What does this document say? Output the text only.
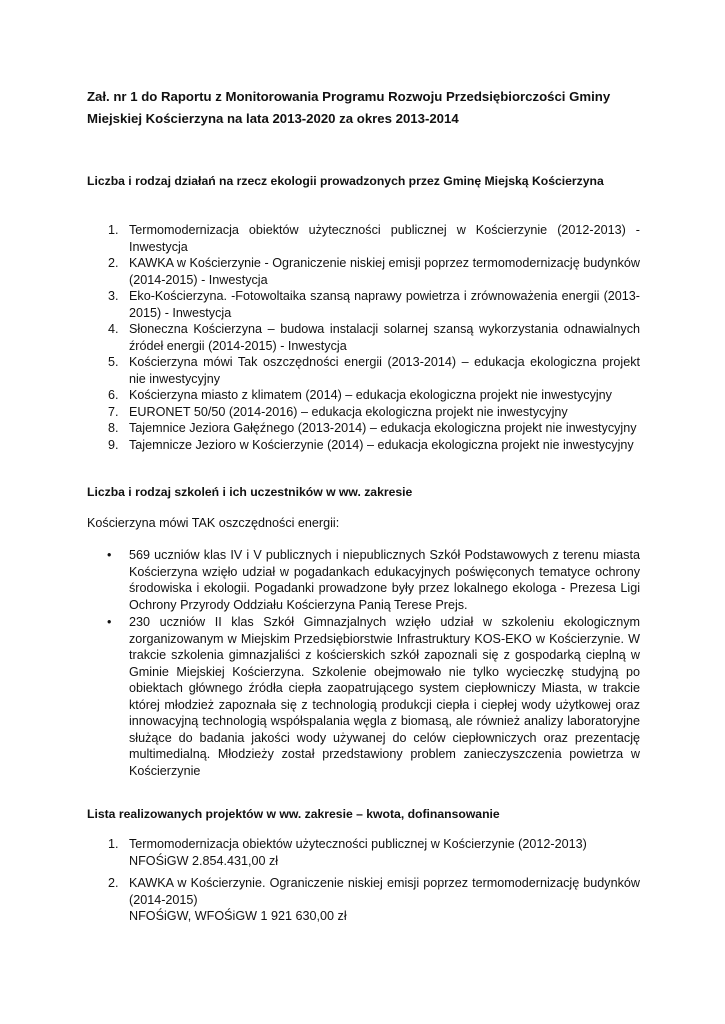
Zał. nr 1 do Raportu z Monitorowania Programu Rozwoju Przedsiębiorczości Gminy Miejskiej Kościerzyna na lata 2013-2020 za okres 2013-2014
Liczba i rodzaj działań na rzecz ekologii prowadzonych przez Gminę Miejską Kościerzyna
1. Termomodernizacja obiektów użyteczności publicznej w Kościerzynie (2012-2013) - Inwestycja
2. KAWKA w Kościerzynie - Ograniczenie niskiej emisji poprzez termomodernizację budynków (2014-2015) - Inwestycja
3. Eko-Kościerzyna. -Fotowoltaika szansą naprawy powietrza i zrównoważenia energii (2013-2015) - Inwestycja
4. Słoneczna Kościerzyna – budowa instalacji solarnej szansą wykorzystania odnawialnych źródeł energii (2014-2015) - Inwestycja
5. Kościerzyna mówi Tak oszczędności energii (2013-2014) – edukacja ekologiczna projekt nie inwestycyjny
6. Kościerzyna miasto z klimatem (2014) – edukacja ekologiczna projekt nie inwestycyjny
7. EURONET 50/50 (2014-2016) – edukacja ekologiczna projekt nie inwestycyjny
8. Tajemnice Jeziora Gałęźnego (2013-2014) – edukacja ekologiczna projekt nie inwestycyjny
9. Tajemnicze Jezioro w Kościerzynie (2014) – edukacja ekologiczna projekt nie inwestycyjny
Liczba i rodzaj szkoleń i ich uczestników w ww. zakresie
Kościerzyna mówi TAK oszczędności energii:
• 569 uczniów klas IV i V publicznych i niepublicznych Szkół Podstawowych z terenu miasta Kościerzyna wzięło udział w pogadankach edukacyjnych poświęconych tematyce ochrony środowiska i ekologii. Pogadanki prowadzone były przez lokalnego ekologa - Prezesa Ligi Ochrony Przyrody Oddziału Kościerzyna Panią Terese Prejs.
• 230 uczniów II klas Szkół Gimnazjalnych wzięło udział w szkoleniu ekologicznym zorganizowanym w Miejskim Przedsiębiorstwie Infrastruktury KOS-EKO w Kościerzynie. W trakcie szkolenia gimnazjaliści z kościerskich szkół zapoznali się z gospodarką cieplną w Gminie Miejskiej Kościerzyna. Szkolenie obejmowało nie tylko wycieczkę studyjną po obiektach głównego źródła ciepła zaopatrującego system ciepłowniczy Miasta, w trakcie której młodzież zapoznała się z technologią produkcji ciepła i ciepłej wody użytkowej oraz innowacyjną technologią współspalania węgla z biomasą, ale również analizy laboratoryjne służące do badania jakości wody używanej do celów ciepłowniczych oraz prezentację multimedialną. Młodzieży został przedstawiony problem zanieczyszczenia powietrza w Kościerzynie
Lista realizowanych projektów w ww. zakresie – kwota, dofinansowanie
1. Termomodernizacja obiektów użyteczności publicznej w Kościerzynie (2012-2013)
NFOŚiGW 2.854.431,00 zł
2. KAWKA w Kościerzynie. Ograniczenie niskiej emisji poprzez termomodernizację budynków (2014-2015)
NFOŚiGW, WFOŚiGW 1 921 630,00 zł
